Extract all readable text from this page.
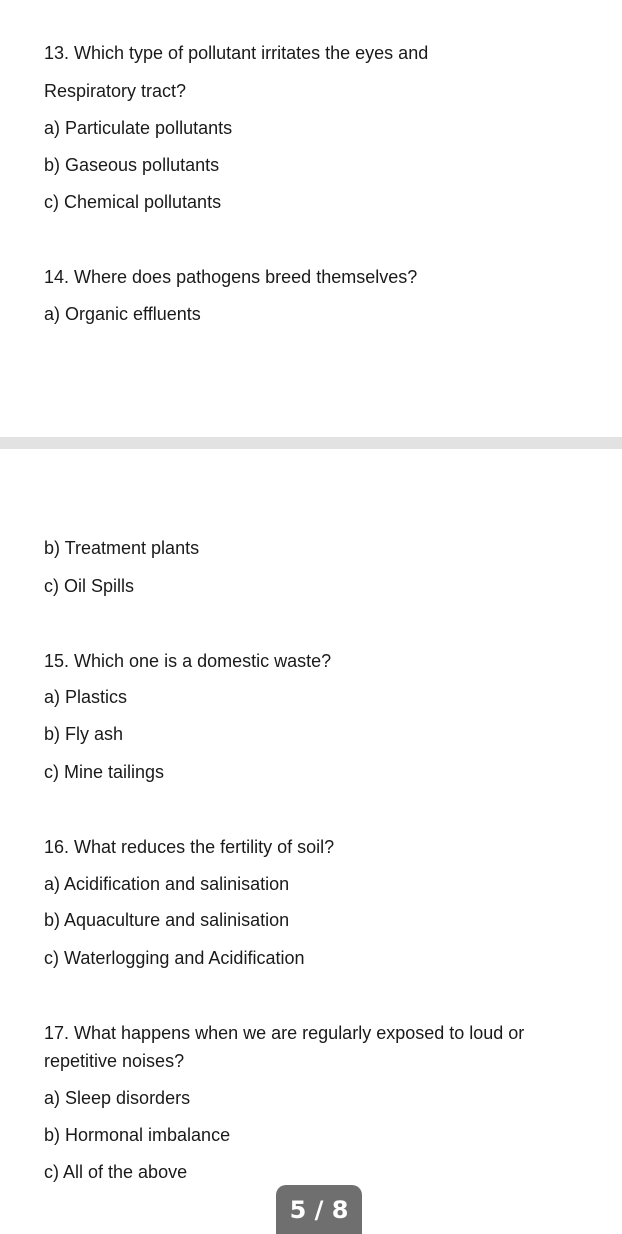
13. Which type of pollutant irritates the eyes and
Respiratory tract?
a) Particulate pollutants
b) Gaseous pollutants
c) Chemical pollutants
14. Where does pathogens breed themselves?
a) Organic effluents
b) Treatment plants
c) Oil Spills
15. Which one is a domestic waste?
a) Plastics
b) Fly ash
c) Mine tailings
16. What reduces the fertility of soil?
a) Acidification and salinisation
b) Aquaculture and salinisation
c) Waterlogging and Acidification
17. What happens when we are regularly exposed to loud or
repetitive noises?
a) Sleep disorders
b) Hormonal imbalance
c) All of the above
5 / 8
